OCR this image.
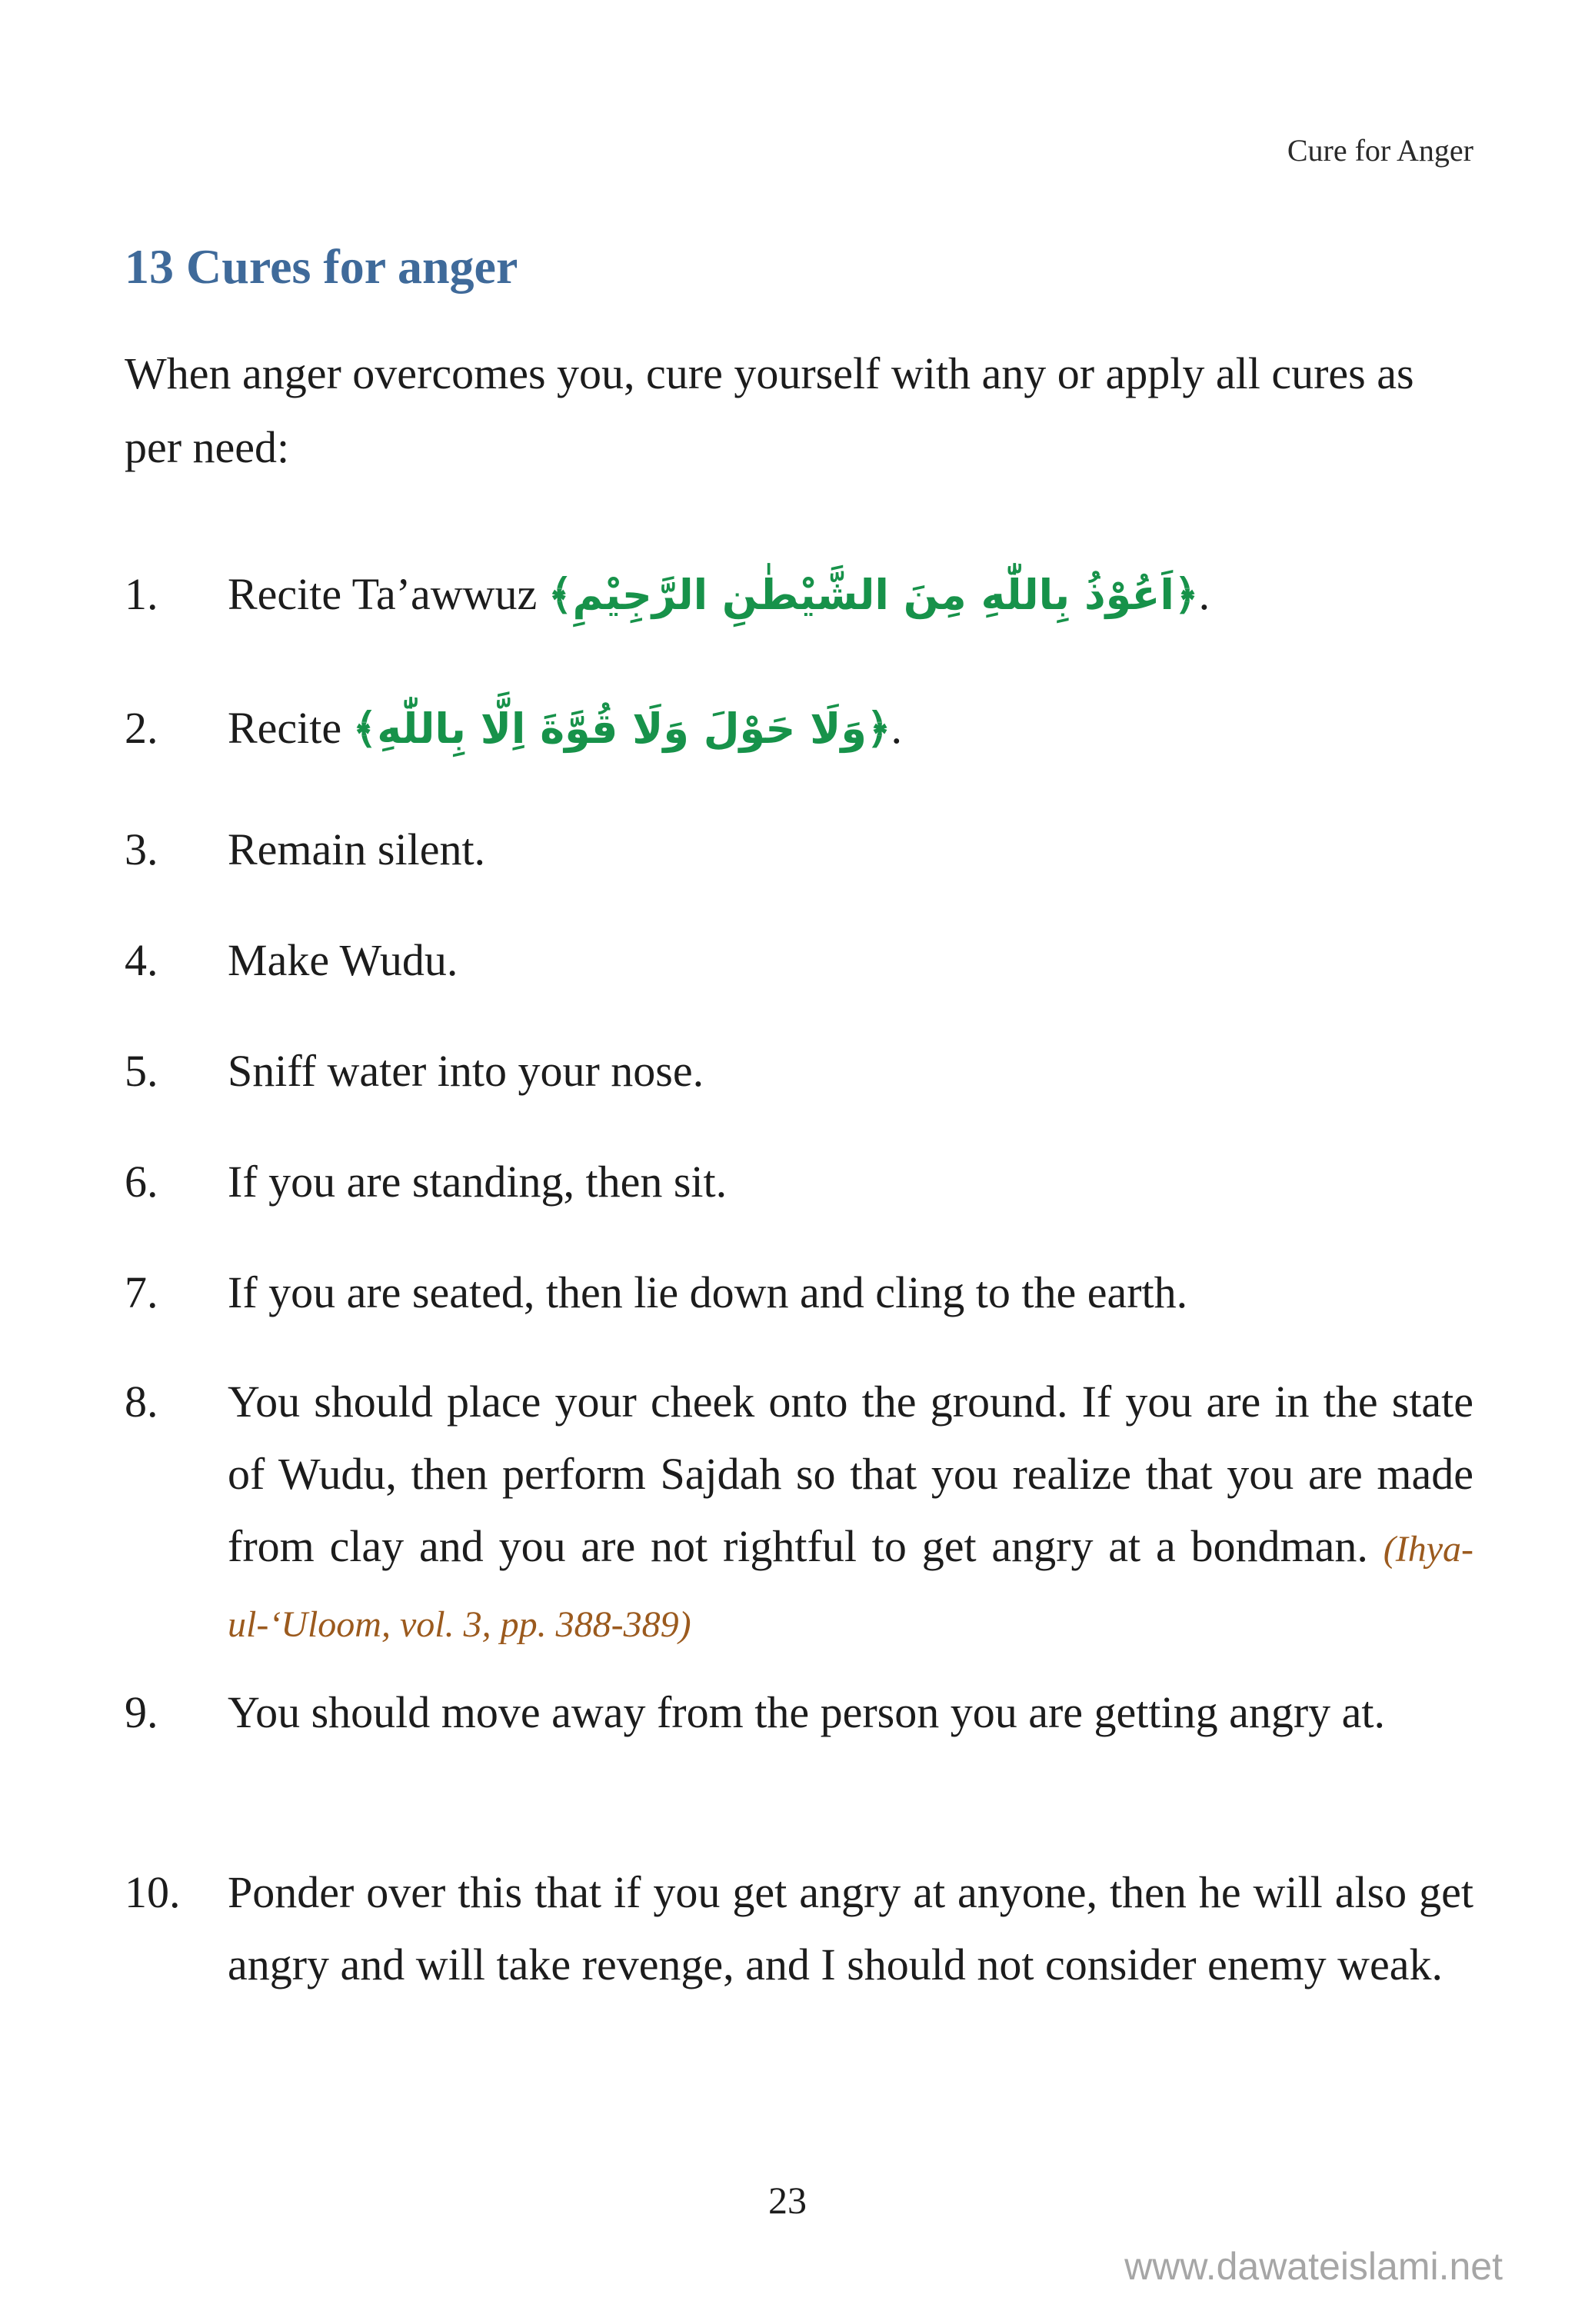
Cure for Anger
13 Cures for anger

When anger overcomes you, cure yourself with any or apply all cures as per need:

1.	Recite Ta’awwuz ﴿اَعُوْذُ بِاللّٰهِ مِنَ الشَّيْطٰنِ الرَّجِيْمِ﴾.
2.	Recite ﴿وَلَا حَوْلَ وَلَا قُوَّةَ اِلَّا بِاللّٰهِ﴾.
3.	Remain silent.
4.	Make Wudu.
5.	Sniff water into your nose.
6.	If you are standing, then sit.
7.	If you are seated, then lie down and cling to the earth.
8.	You should place your cheek onto the ground. If you are in the state of Wudu, then perform Sajdah so that you realize that you are made from clay and you are not rightful to get angry at a bondman. (Ihya-ul-‘Uloom, vol. 3, pp. 388-389)
9.	You should move away from the person you are getting angry at.
10.	Ponder over this that if you get angry at anyone, then he will also get angry and will take revenge, and I should not consider enemy weak.
23
www.dawateislami.net
